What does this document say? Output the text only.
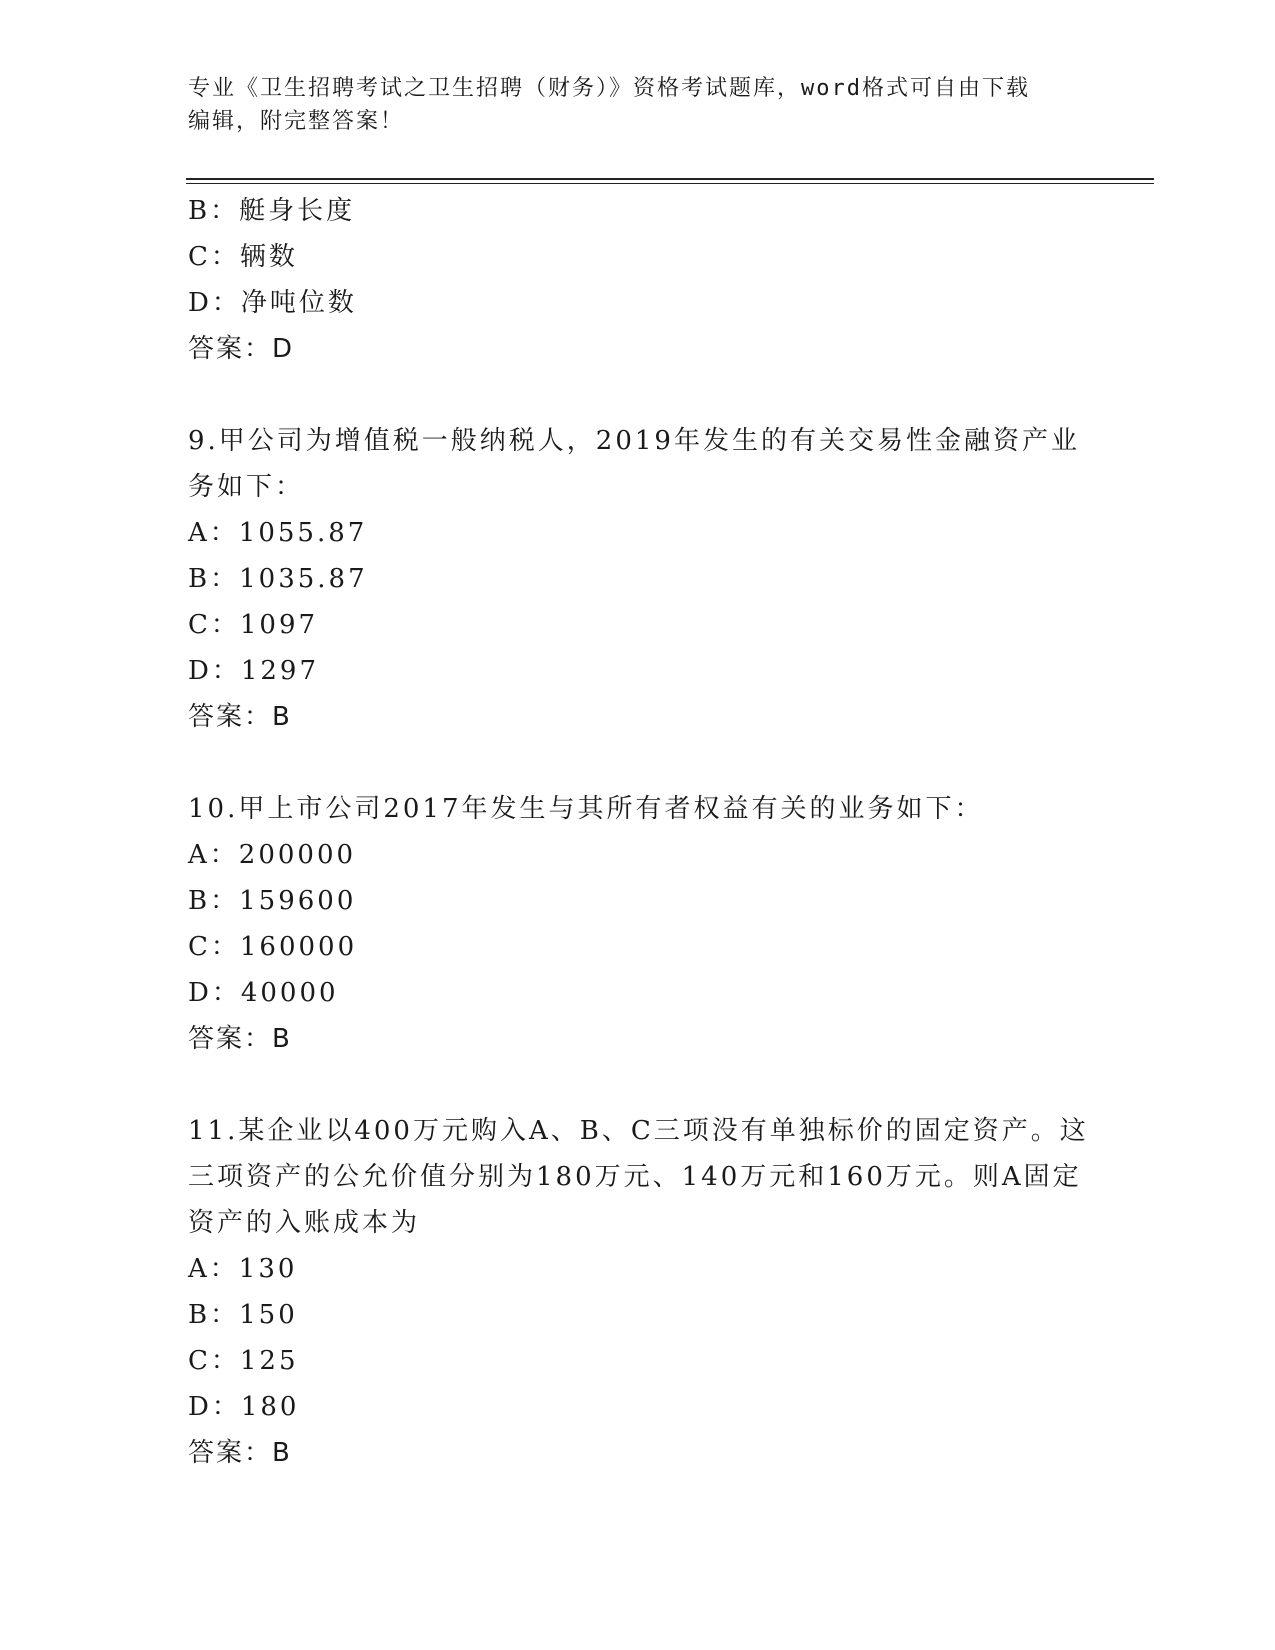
专业《卫生招聘考试之卫生招聘（财务）》资格考试题库，word格式可自由下载
编辑，附完整答案！
B：艇身长度
C：辆数
D：净吨位数
答案：D
9.甲公司为增值税一般纳税人，2019年发生的有关交易性金融资产业
务如下：
A：1055.87
B：1035.87
C：1097
D：1297
答案：B
10.甲上市公司2017年发生与其所有者权益有关的业务如下：
A：200000
B：159600
C：160000
D：40000
答案：B
11.某企业以400万元购入A、B、C三项没有单独标价的固定资产。这
三项资产的公允价值分别为180万元、140万元和160万元。则A固定
资产的入账成本为
A：130
B：150
C：125
D：180
答案：B
